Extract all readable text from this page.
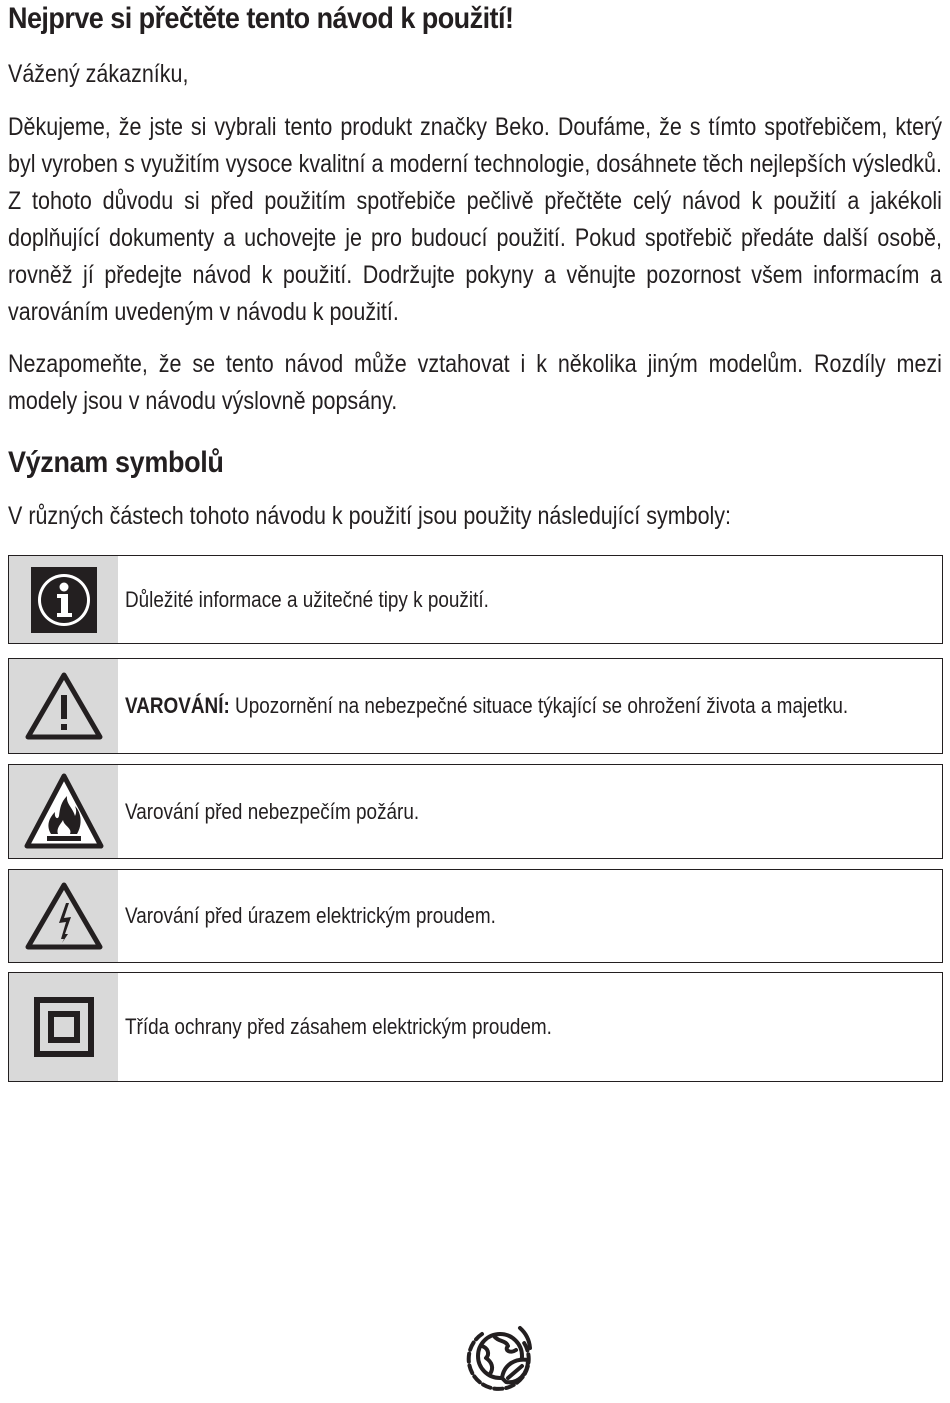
Nejprve si přečtěte tento návod k použití!

Vážený zákazníku,

Děkujeme, že jste si vybrali tento produkt značky Beko. Doufáme, že s tímto spotřebičem, který byl vyroben s využitím vysoce kvalitní a moderní technologie, dosáhnete těch nejlepších výsledků. Z tohoto důvodu si před použitím spotřebiče pečlivě přečtěte celý návod k použití a jakékoli doplňující dokumenty a uchovejte je pro budoucí použití. Pokud spotřebič předáte další osobě, rovněž jí předejte návod k použití. Dodržujte pokyny a věnujte pozornost všem informacím a varováním uvedeným v návodu k použití.

Nezapomeňte, že se tento návod může vztahovat i k několika jiným modelům. Rozdíly mezi modely jsou v návodu výslovně popsány.

Význam symbolů

V různých částech tohoto návodu k použití jsou použity následující symboly:

Důležité informace a užitečné tipy k použití.
VAROVÁNÍ: Upozornění na nebezpečné situace týkající se ohrožení života a majetku.
Varování před nebezpečím požáru.
Varování před úrazem elektrickým proudem.
Třída ochrany před zásahem elektrickým proudem.
